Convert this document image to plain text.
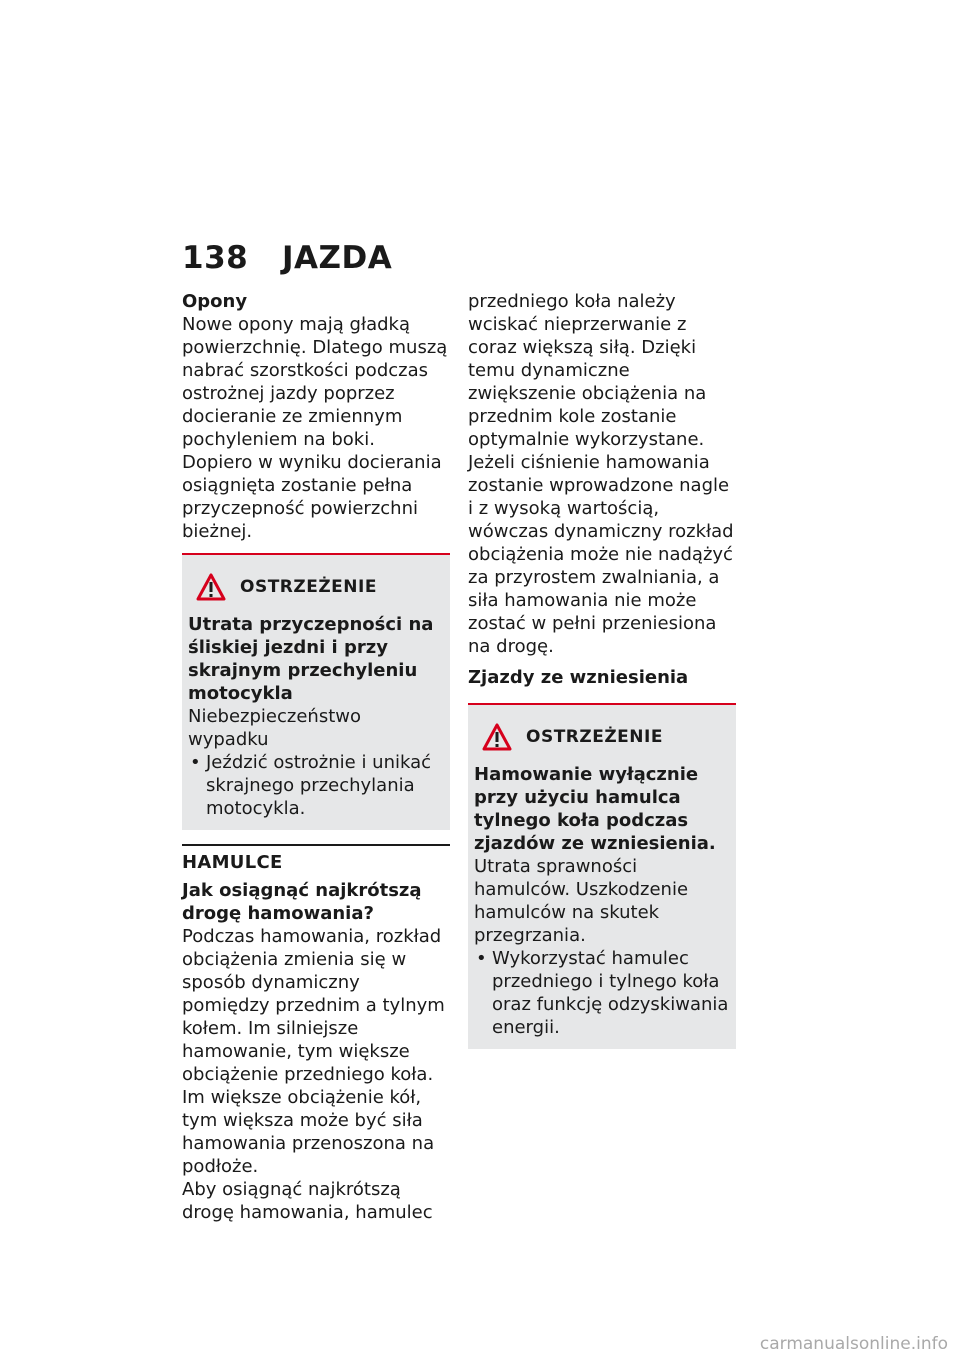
138 JAZDA

Opony

Nowe opony mają gładką powierzchnię. Dlatego muszą nabrać szorstkości podczas ostrożnej jazdy poprzez docieranie ze zmiennym pochyleniem na boki. Dopiero w wyniku docierania osiągnięta zostanie pełna przyczepność powierzchni bieżnej.

OSTRZEŻENIE

Utrata przyczepności na śliskiej jezdni i przy skrajnym przechyleniu motocykla

Niebezpieczeństwo wypadku

• Jeździć ostrożnie i unikać skrajnego przechylania motocykla.
HAMULCE

Jak osiągnąć najkrótszą drogę hamowania?

Podczas hamowania, rozkład obciążenia zmienia się w sposób dynamiczny pomiędzy przednim a tylnym kołem. Im silniejsze hamowanie, tym większe obciążenie przedniego koła. Im większe obciążenie kół, tym większa może być siła hamowania przenoszona na podłoże.

Aby osiągnąć najkrótszą drogę hamowania, hamulec

przedniego koła należy wciskać nieprzerwanie z coraz większą siłą. Dzięki temu dynamiczne zwiększenie obciążenia na przednim kole zostanie optymalnie wykorzystane.

Jeżeli ciśnienie hamowania zostanie wprowadzone nagle i z wysoką wartością, wówczas dynamiczny rozkład obciążenia może nie nadążyć za przyrostem zwalniania, a siła hamowania nie może zostać w pełni przeniesiona na drogę.

Zjazdy ze wzniesienia

OSTRZEŻENIE

Hamowanie wyłącznie przy użyciu hamulca tylnego koła podczas zjazdów ze wzniesienia.

Utrata sprawności hamulców. Uszkodzenie hamulców na skutek przegrzania.

• Wykorzystać hamulec przedniego i tylnego koła oraz funkcję odzyskiwania energii.
carmanualsonline.info
